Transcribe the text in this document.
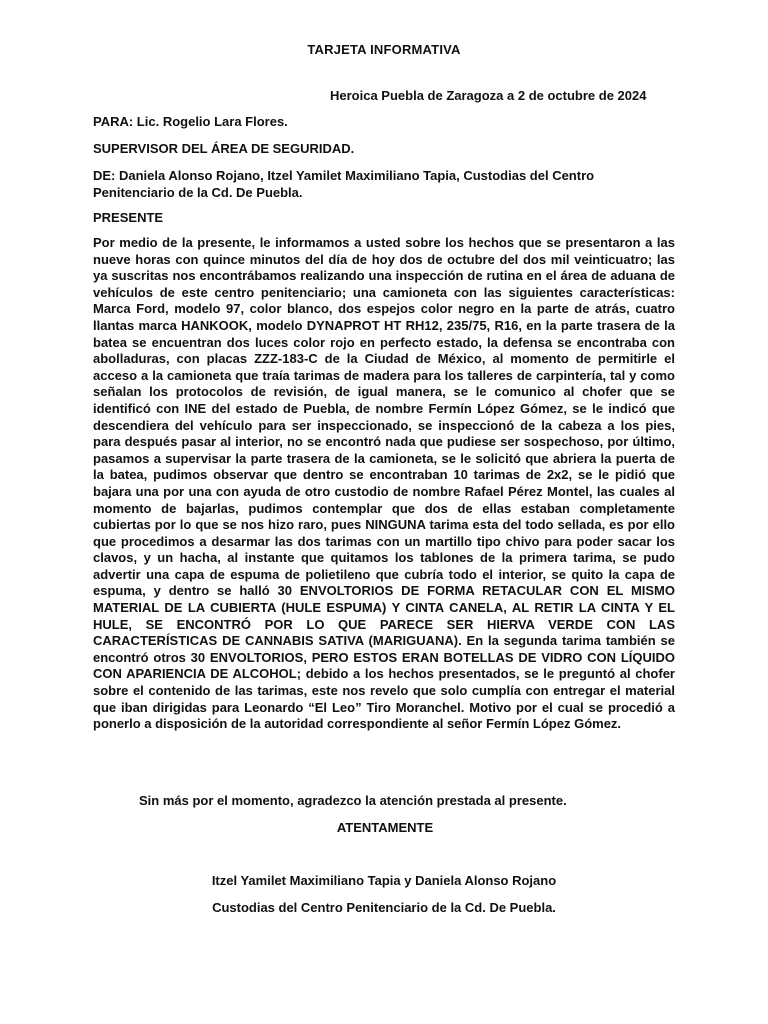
TARJETA INFORMATIVA
Heroica Puebla de Zaragoza a 2 de octubre de 2024
PARA: Lic. Rogelio Lara Flores.
SUPERVISOR DEL ÁREA DE SEGURIDAD.
DE: Daniela Alonso Rojano, Itzel Yamilet Maximiliano Tapia, Custodias del Centro Penitenciario de la Cd. De Puebla.
PRESENTE
Por medio de la presente, le informamos a usted sobre los hechos que se presentaron a las nueve horas con quince minutos del día de hoy dos de octubre del dos mil veinticuatro; las ya suscritas nos encontrábamos realizando una inspección de rutina en el área de aduana de vehículos de este centro penitenciario; una camioneta con las siguientes características: Marca Ford, modelo 97, color blanco, dos espejos color negro en la parte de atrás, cuatro llantas marca HANKOOK, modelo DYNAPROT HT RH12, 235/75, R16, en la parte trasera de la batea se encuentran dos luces color rojo en perfecto estado, la defensa se encontraba con abolladuras, con placas ZZZ-183-C de la Ciudad de México, al momento de permitirle el acceso a la camioneta que traía tarimas de madera para los talleres de carpintería, tal y como señalan los protocolos de revisión, de igual manera, se le comunico al chofer que se identificó con INE del estado de Puebla, de nombre Fermín López Gómez, se le indicó que descendiera del vehículo para ser inspeccionado, se inspeccionó de la cabeza a los pies, para después pasar al interior, no se encontró nada que pudiese ser sospechoso, por último, pasamos a supervisar la parte trasera de la camioneta, se le solicitó que abriera la puerta de la batea, pudimos observar que dentro se encontraban 10 tarimas de 2x2, se le pidió que bajara una por una con ayuda de otro custodio de nombre Rafael Pérez Montel, las cuales al momento de bajarlas, pudimos contemplar que dos de ellas estaban completamente cubiertas por lo que se nos hizo raro, pues NINGUNA tarima esta del todo sellada, es por ello que procedimos a desarmar las dos tarimas con un martillo tipo chivo para poder sacar los clavos, y un hacha, al instante que quitamos los tablones de la primera tarima, se pudo advertir una capa de espuma de polietileno que cubría todo el interior, se quito la capa de espuma, y dentro se halló 30 ENVOLTORIOS DE FORMA RETACULAR CON EL MISMO MATERIAL DE LA CUBIERTA (HULE ESPUMA) Y CINTA CANELA, AL RETIR LA CINTA Y EL HULE, SE ENCONTRÓ POR LO QUE PARECE SER HIERVA VERDE CON LAS CARACTERÍSTICAS DE CANNABIS SATIVA (MARIGUANA). En la segunda tarima también se encontró otros 30 ENVOLTORIOS, PERO ESTOS ERAN BOTELLAS DE VIDRO CON LÍQUIDO CON APARIENCIA DE ALCOHOL; debido a los hechos presentados, se le preguntó al chofer sobre el contenido de las tarimas, este nos revelo que solo cumplía con entregar el material que iban dirigidas para Leonardo “El Leo” Tiro Moranchel. Motivo por el cual se procedió a ponerlo a disposición de la autoridad correspondiente al señor Fermín López Gómez.
Sin más por el momento, agradezco la atención prestada al presente.
ATENTAMENTE
Itzel Yamilet Maximiliano Tapia y Daniela Alonso Rojano
Custodias del Centro Penitenciario de la Cd. De Puebla.
